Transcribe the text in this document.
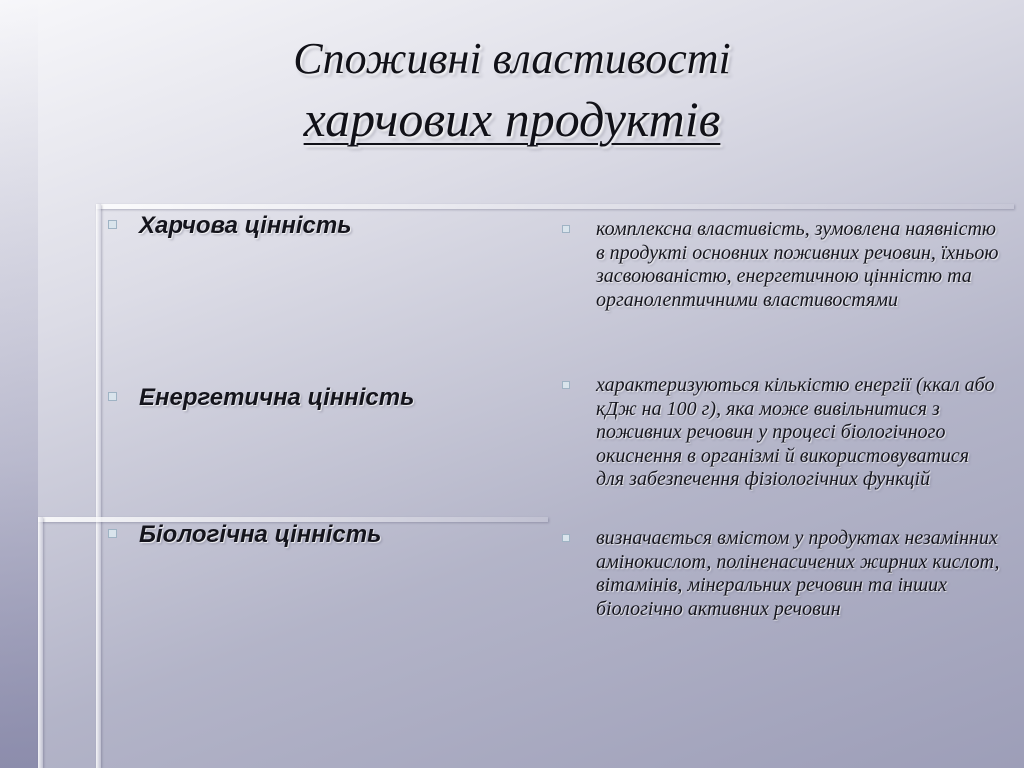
Споживні властивості
харчових продуктів
Харчова цінність
Енергетична цінність
Біологічна цінність
комплексна властивість, зумовлена наявністю в продукті основних поживних речовин, їхньою засвоюваністю, енергетичною цінністю та органолептичними властивостями
характеризуються кількістю енергії (ккал або кДж на 100 г), яка може вивільнитися з поживних речовин у процесі біологічного окиснення в організмі й використовуватися для забезпечення фізіологічних функцій
визначається вмістом у продуктах незамінних амінокислот, поліненасичених жирних кислот, вітамінів, мінеральних речовин та інших біологічно активних речовин
